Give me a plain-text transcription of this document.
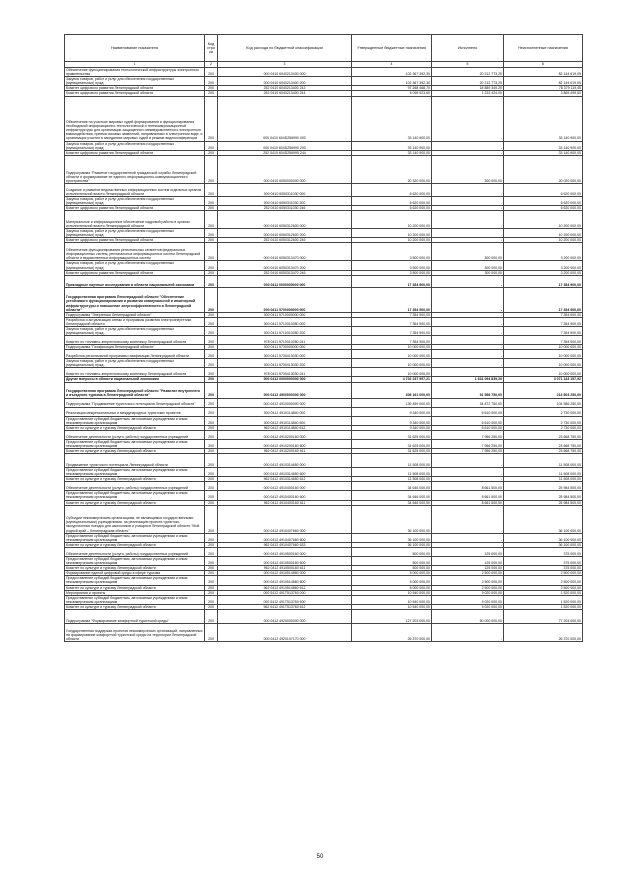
Наименование показателя	Код стро ки	Код расхода по бюджетной классификации	Утвержденные бюджетные назначения	Исполнено	Неисполненные назначения
1	2	3	4	5	6
Обеспечение функционирования технологической инфраструктуры электронного правительства	200	000 0410 6040213400 000	102 367 392,30	20 212 773,25	82 144 619,05
Закупка товаров, работ и услуг для обеспечения государственных (муниципальных) нужд	200	000 0410 6040213400 200	102 367 392,30	20 212 773,25	82 144 619,05
Комитет цифрового развития Ленинградской области	200	252 0410 6040213400 242	97 268 468,70	18 889 349,25	78 379 119,45
Комитет цифрового развития Ленинградской области	200	252 0410 6040213400 244	5 098 923,60	1 223 424,00	3 865 499,60
Обеспечение на участках мировых судей формирования и функционирования необходимой информационно-технологической и телекоммуникационной инфраструктуры для организации защищенного межведомственного электронного взаимодействия, приема исковых заявлений, направляемых в электронном виде, и организация участия в заседаниях мировых судей в режиме видеоконференции	200	000 0410 604D256990 000	33 140 900,00	-	33 140 900,00
Закупка товаров, работ и услуг для обеспечения государственных (муниципальных) нужд	200	000 0410 604D256990 200	33 140 900,00	-	33 140 900,00
Комитет цифрового развития Ленинградской области	200	252 0410 604D256990 244	33 140 900,00	-	33 140 900,00
Подпрограмма "Развитие государственной гражданской службы Ленинградской области и формирование ее единого информационно-коммуникационного пространства"	200	000 0410 6050000000 000	20 320 000,00	300 000,00	20 020 000,00
Создание и развитие ведомственных информационных систем отдельных органов исполнительной власти Ленинградской области	200	000 0410 6050311030 000	6 620 000,00	-	6 620 000,00
Закупка товаров, работ и услуг для обеспечения государственных (муниципальных) нужд	200	000 0410 6050311030 200	6 620 000,00	-	6 620 000,00
Комитет цифрового развития Ленинградской области	200	252 0410 6050311030 246	6 620 000,00	-	6 620 000,00
Материальное и информационное обеспечение кадровой работы в органах исполнительной власти Ленинградской области	200	000 0410 6050312600 000	10 200 000,00	-	10 200 000,00
Закупка товаров, работ и услуг для обеспечения государственных (муниципальных) нужд	200	000 0410 6050312600 200	10 200 000,00	-	10 200 000,00
Комитет цифрового развития Ленинградской области	200	252 0410 6050312600 246	10 200 000,00	-	10 200 000,00
Обеспечение функционирования региональных сегментов федеральных информационных систем, региональных информационных систем Ленинградской области и ведомственных информационных систем	200	000 0410 6050313470 000	3 500 000,00	300 000,00	3 200 000,00
Закупка товаров, работ и услуг для обеспечения государственных (муниципальных) нужд	200	000 0410 6050313470 200	3 500 000,00	300 000,00	3 200 000,00
Комитет цифрового развития Ленинградской области	200	252 0410 6050313470 246	3 500 000,00	300 000,00	3 200 000,00
Прикладные научные исследования в области национальной экономики	200	000 0411 0000000000 000	17 354 900,00	-	17 354 900,00
Государственная программа Ленинградской области "Обеспечение устойчивого функционирования и развития коммунальной и инженерной инфраструктуры и повышение энергоэффективности в Ленинградской области"	200	000 0411 5700000000 000	17 354 900,00	-	17 354 900,00
Подпрограмма "Энергетика Ленинградской области"	200	000 0411 5710000000 000	7 354 900,00	-	7 354 900,00
Разработка и актуализация схемы и программы развития электроэнергетики Ленинградской области	200	000 0411 5710310280 000	7 354 900,00	-	7 354 900,00
Закупка товаров, работ и услуг для обеспечения государственных (муниципальных) нужд	200	000 0411 5710310280 200	7 354 900,00	-	7 354 900,00
Комитет по топливно-энергетическому комплексу Ленинградской области	200	978 0411 5710310280 241	7 354 900,00	-	7 354 900,00
Подпрограмма "Газификация Ленинградской области"	200	000 0411 5730000000 000	10 000 000,00	-	10 000 000,00
Разработка региональной программы газификации Ленинградской области	200	000 0411 5730413030 000	10 000 000,00	-	10 000 000,00
Закупка товаров, работ и услуг для обеспечения государственных (муниципальных) нужд	200	000 0411 5730413030 200	10 000 000,00	-	10 000 000,00
Комитет по топливно-энергетическому комплексу Ленинградской области	200	978 0411 5730413030 241	10 000 000,00	-	10 000 000,00
Другие вопросы в области национальной экономики	200	000 0412 0000000000 000	4 702 237 997,21	1 631 094 839,29	3 071 143 157,92
Государственная программа Ленинградской области "Развитие внутреннего и въездного туризма в Ленинградской области"	200	000 0412 4900000000 000	306 161 000,00	91 556 750,00	214 604 250,00
Подпрограмма "Продвижение туристского потенциала Ленинградской области"	200	000 0412 4910000000 000	139 459 000,00	34 872 750,00	104 586 250,00
Реализация межрегиональных и международных туристских проектов	200	000 0412 4910114840 000	9 340 000,00	6 610 000,00	2 730 000,00
Предоставление субсидий бюджетным, автономным учреждениям и иным некоммерческим организациям	200	000 0412 4910114840 600	9 340 000,00	6 610 000,00	2 730 000,00
Комитет по культуре и туризму Ленинградской области	200	962 0412 4910114840 612	9 340 000,00	6 610 000,00	2 730 000,00
Обеспечение деятельности (услуги, работы) государственных учреждений	200	000 0412 4910200160 000	31 625 000,00	7 956 250,00	23 668 750,00
Предоставление субсидий бюджетным, автономным учреждениям и иным некоммерческим организациям	200	000 0412 4910200160 600	31 625 000,00	7 956 250,00	23 668 750,00
Комитет по культуре и туризму Ленинградской области	200	962 0412 4910200160 611	31 625 000,00	7 956 250,00	23 668 750,00
Продвижение туристского потенциала Ленинградской области	200	000 0412 4910314650 000	11 508 000,00	-	11 508 000,00
Предоставление субсидий бюджетным, автономным учреждениям и иным некоммерческим организациям	200	000 0412 4910314650 600	11 508 000,00	-	11 508 000,00
Комитет по культуре и туризму Ленинградской области	200	962 0412 4910314650 612	11 508 000,00	-	11 508 000,00
Обеспечение деятельности (услуги, работы) государственных учреждений	200	000 0412 4910400160 000	34 646 000,00	8 661 500,00	25 984 500,00
Предоставление субсидий бюджетным, автономным учреждениям и иным некоммерческим организациям	200	000 0412 4910400160 600	34 646 000,00	8 661 500,00	25 984 500,00
Комитет по культуре и туризму Ленинградской области	200	962 0412 4910400160 611	34 646 000,00	8 661 500,00	25 984 500,00
Субсидии некоммерческим организациям, не являющимся государственными (муниципальными) учреждениями, на реализацию проекта туристско-экскурсионных поездок для школьников и учащихся Ленинградской области "Мой родной край – Ленинградская область"	200	000 0412 4910407660 000	36 100 000,00	-	36 100 000,00
Предоставление субсидий бюджетным, автономным учреждениям и иным некоммерческим организациям	200	000 0412 4910407660 600	36 100 000,00	-	36 100 000,00
Комитет по культуре и туризму Ленинградской области	200	962 0412 4910407660 633	36 100 000,00	-	36 100 000,00
Обеспечение деятельности (услуги, работы) государственных учреждений	200	000 0412 4910500160 000	500 000,00	125 000,00	375 000,00
Предоставление субсидий бюджетным, автономным учреждениям и иным некоммерческим организациям	200	000 0412 4910500160 600	500 000,00	125 000,00	375 000,00
Комитет по культуре и туризму Ленинградской области	200	962 0412 4910500160 611	500 000,00	125 000,00	375 000,00
Формирование единой цифровой среды в сфере туризма	200	000 0412 4910514860 000	5 000 000,00	2 500 000,00	2 500 000,00
Предоставление субсидий бюджетным, автономным учреждениям и иным некоммерческим организациям	200	000 0412 4910514860 600	5 000 000,00	2 500 000,00	2 500 000,00
Комитет по культуре и туризму Ленинградской области	200	962 0412 4910514860 612	5 000 000,00	2 500 000,00	2 500 000,00
Мероприятия и проекты	200	000 0412 491Т513760 000	10 540 000,00	9 020 000,00	1 520 000,00
Предоставление субсидий бюджетным, автономным учреждениям и иным некоммерческим организациям	200	000 0412 491Т513760 600	10 540 000,00	9 020 000,00	1 520 000,00
Комитет по культуре и туризму Ленинградской области	200	962 0412 491Т513760 612	10 540 000,00	9 020 000,00	1 520 000,00
Подпрограмма "Формирование комфортной туристской среды"	200	000 0412 4920000000 000	127 203 000,00	50 000 000,00	77 203 000,00
Государственная поддержка проектов некоммерческих организаций, направленных на формирование комфортной туристской среды на территории Ленинградской области	200	000 0412 4920107170 000	26 370 000,00	-	26 370 000,00
50
